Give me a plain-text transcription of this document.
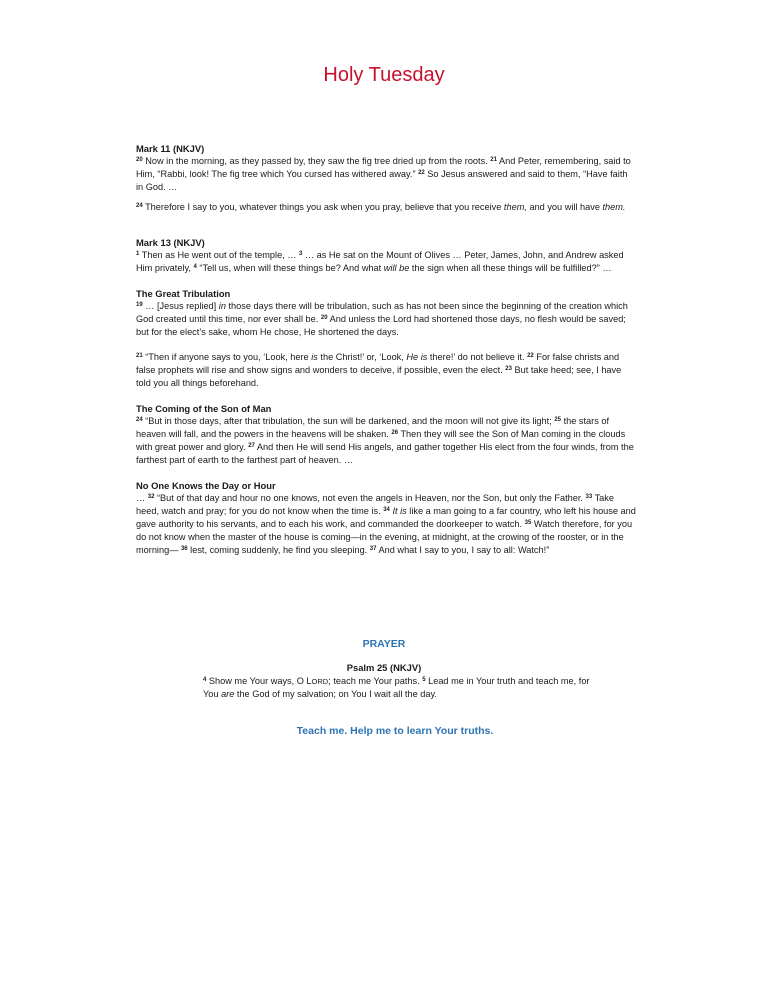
Holy Tuesday

Mark 11 (NKJV)

$^{20}$ Now in the morning, as they passed by, they saw the fig tree dried up from the roots. $^{21}$ And Peter, remembering, said to Him, “Rabbi, look! The fig tree which You cursed has withered away.” $^{22}$ So Jesus answered and said to them, “Have faith in God. …

$^{24}$ Therefore I say to you, whatever things you ask when you pray, believe that you receive them, and you will have them.

Mark 13 (NKJV)

$^1$ Then as He went out of the temple, … $^3$ … as He sat on the Mount of Olives … Peter, James, John, and Andrew asked Him privately, $^4$ “Tell us, when will these things be? And what will be the sign when all these things will be fulfilled?” …

The Great Tribulation

$^{19}$ … [Jesus replied] in those days there will be tribulation, such as has not been since the beginning of the creation which God created until this time, nor ever shall be. $^{20}$ And unless the Lord had shortened those days, no flesh would be saved; but for the elect’s sake, whom He chose, He shortened the days.

$^{21}$ “Then if anyone says to you, ‘Look, here is the Christ!’ or, ‘Look, He is there!’ do not believe it. $^{22}$ For false christs and false prophets will rise and show signs and wonders to deceive, if possible, even the elect. $^{23}$ But take heed; see, I have told you all things beforehand.

The Coming of the Son of Man

$^{24}$ “But in those days, after that tribulation, the sun will be darkened, and the moon will not give its light; $^{25}$ the stars of heaven will fall, and the powers in the heavens will be shaken. $^{26}$ Then they will see the Son of Man coming in the clouds with great power and glory. $^{27}$ And then He will send His angels, and gather together His elect from the four winds, from the farthest part of earth to the farthest part of heaven. …

No One Knows the Day or Hour

… $^{32}$ “But of that day and hour no one knows, not even the angels in Heaven, nor the Son, but only the Father. $^{33}$ Take heed, watch and pray; for you do not know when the time is. $^{34}$ It is like a man going to a far country, who left his house and gave authority to his servants, and to each his work, and commanded the doorkeeper to watch. $^{35}$ Watch therefore, for you do not know when the master of the house is coming—in the evening, at midnight, at the crowing of the rooster, or in the morning— $^{36}$ lest, coming suddenly, he find you sleeping. $^{37}$ And what I say to you, I say to all: Watch!”

PRAYER
Psalm 25 (NKJV)

$^4$ Show me Your ways, O LORD; teach me Your paths. $^5$ Lead me in Your truth and teach me, for You are the God of my salvation; on You I wait all the day.

Teach me. Help me to learn Your truths.
